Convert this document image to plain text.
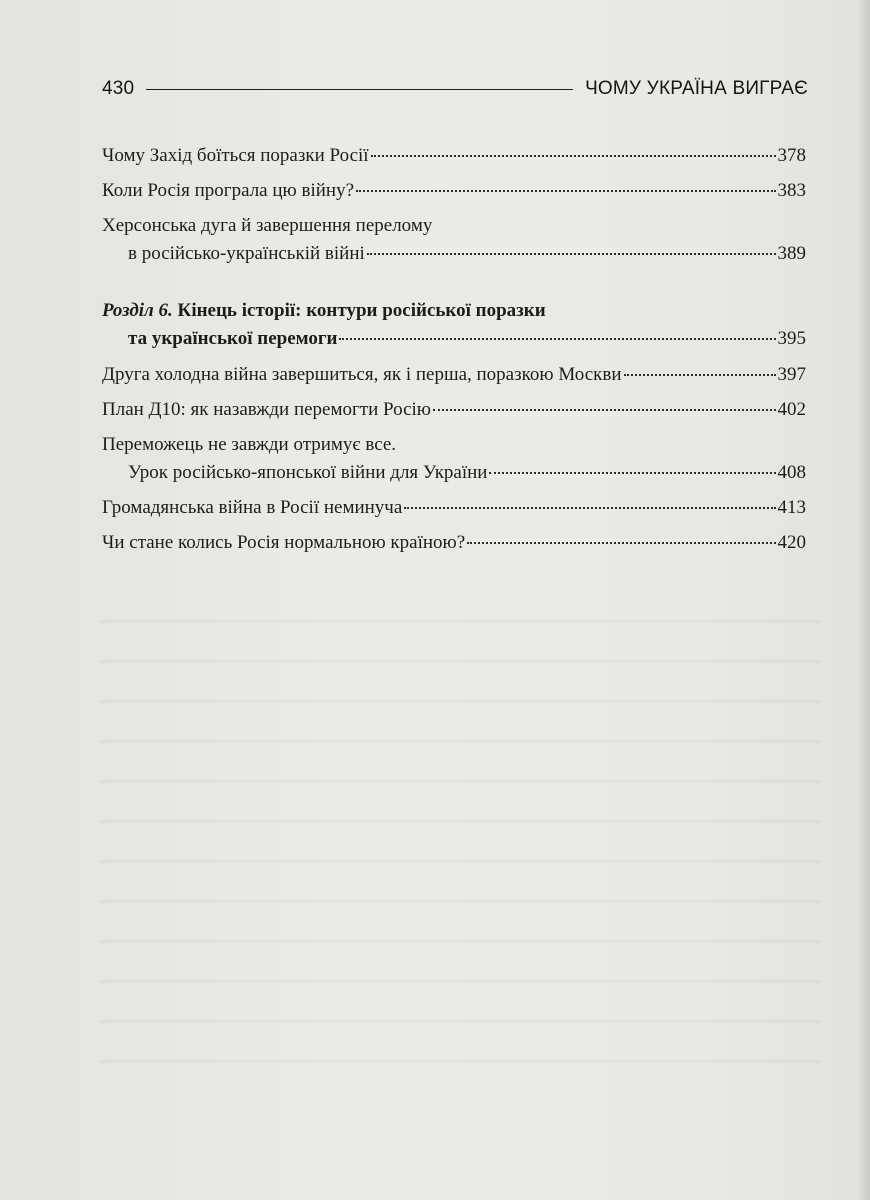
430	ЧОМУ УКРАЇНА ВИГРАЄ
Чому Захід боїться поразки Росії	378
Коли Росія програла цю війну?	383
Херсонська дуга й завершення перелому
в російсько-українській війні	389
Розділ 6. Кінець історії: контури російської поразки
та української перемоги	395
Друга холодна війна завершиться, як і перша, поразкою Москви	397
План Д10: як назавжди перемогти Росію	402
Переможець не завжди отримує все.
Урок російсько-японської війни для України	408
Громадянська війна в Росії неминуча	413
Чи стане колись Росія нормальною країною?	420
